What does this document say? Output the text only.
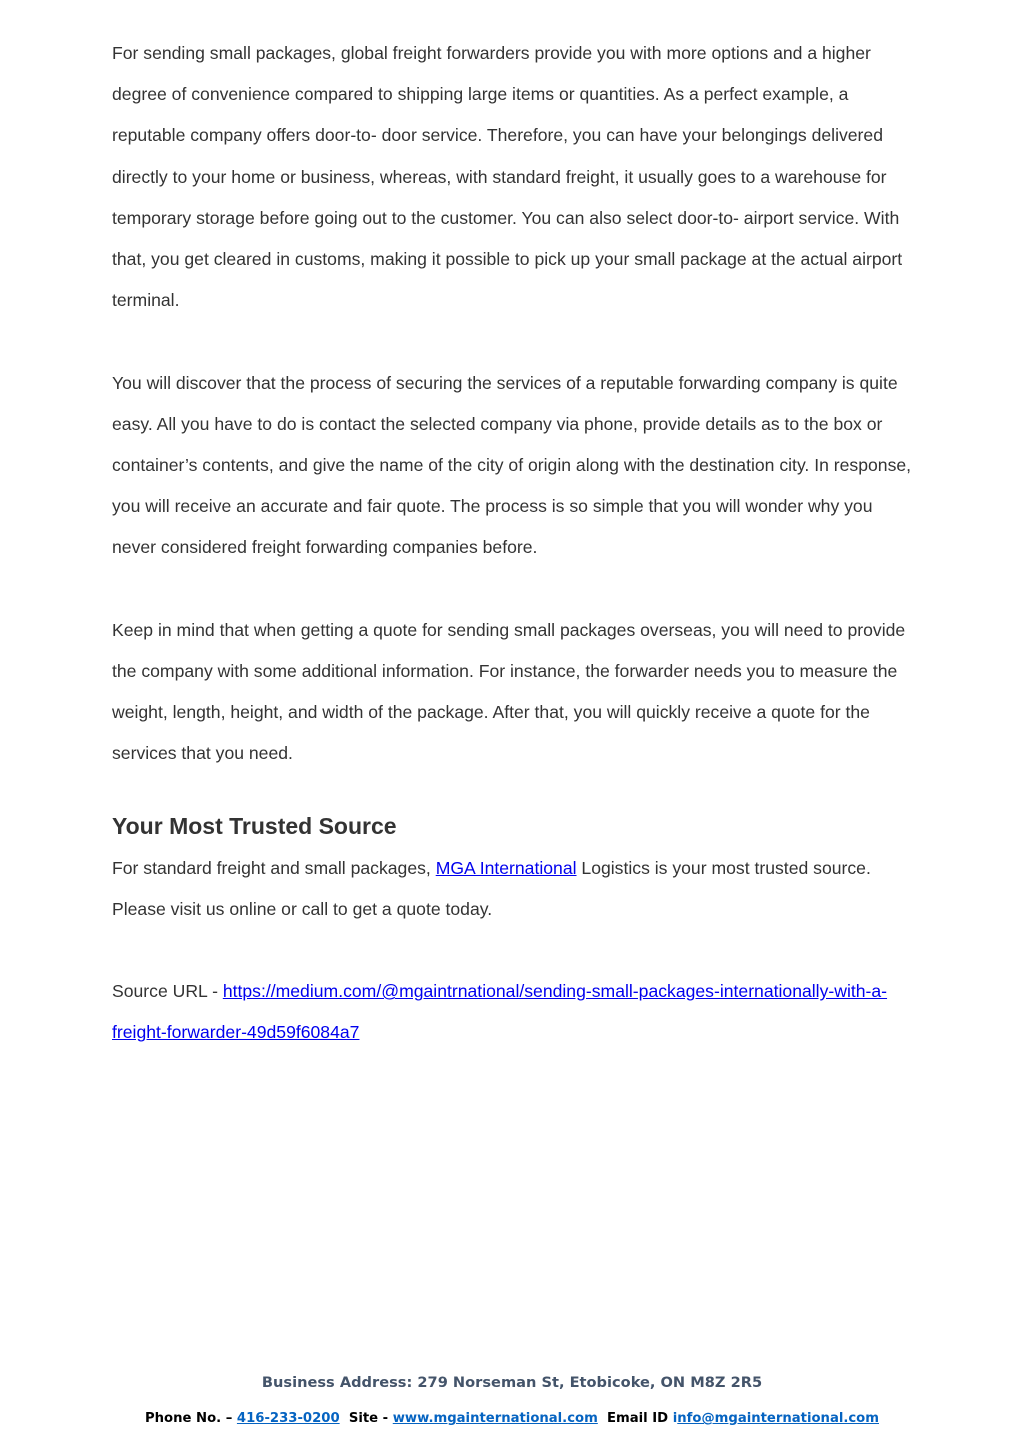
For sending small packages, global freight forwarders provide you with more options and a higher degree of convenience compared to shipping large items or quantities. As a perfect example, a reputable company offers door-to- door service. Therefore, you can have your belongings delivered directly to your home or business, whereas, with standard freight, it usually goes to a warehouse for temporary storage before going out to the customer. You can also select door-to- airport service. With that, you get cleared in customs, making it possible to pick up your small package at the actual airport terminal.

You will discover that the process of securing the services of a reputable forwarding company is quite easy. All you have to do is contact the selected company via phone, provide details as to the box or container’s contents, and give the name of the city of origin along with the destination city. In response, you will receive an accurate and fair quote. The process is so simple that you will wonder why you never considered freight forwarding companies before.

Keep in mind that when getting a quote for sending small packages overseas, you will need to provide the company with some additional information. For instance, the forwarder needs you to measure the weight, length, height, and width of the package. After that, you will quickly receive a quote for the services that you need.

Your Most Trusted Source

For standard freight and small packages, MGA International Logistics is your most trusted source. Please visit us online or call to get a quote today.

Source URL - https://medium.com/@mgaintrnational/sending-small-packages-internationally-with-a-freight-forwarder-49d59f6084a7

Business Address: 279 Norseman St, Etobicoke, ON M8Z 2R5
Phone No. – 416-233-0200 Site - www.mgainternational.com Email ID info@mgainternational.com
